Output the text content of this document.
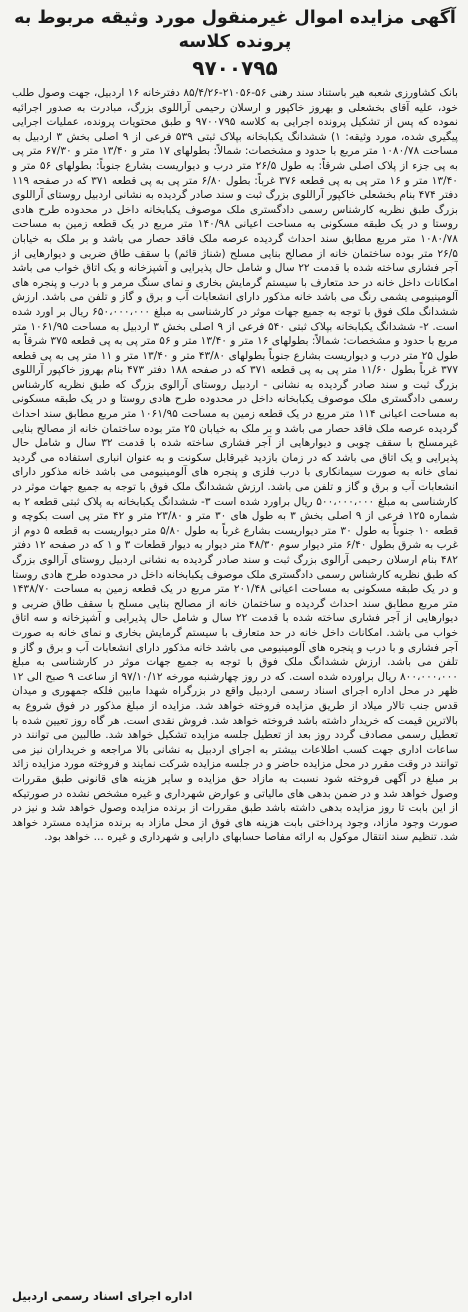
آگهی مزایده اموال غیرمنقول مورد وثیقه مربوط به پرونده کلاسه
۹۷۰۰۷۹۵

بانک کشاورزی شعبه هیر باستناد سند رهنی ۵۶-۲۱۰۵۶-۸۵/۴/۲۶ دفترخانه ۱۶ اردبیل، جهت وصول طلب خود، علیه آقای بخشعلی و بهروز خاکپور و ارسلان رحیمی آراللوی بزرگ، مبادرت به صدور اجرائیه نموده که پس از تشکیل پرونده اجرایی به کلاسه ۹۷۰۰۷۹۵ و طبق محتویات پرونده، عملیات اجرایی پیگیری شده، مورد وثیقه: ۱) ششدانگ یکبابخانه بپلاک ثبتی ۵۳۹ فرعی از ۹ اصلی بخش ۳ اردبیل به مساحت ۱۰۸۰/۷۸ متر مربع با حدود و مشخصات: شمالاً: بطولهای ۱۷ متر و ۱۳/۴۰ متر و ۶۷/۳۰ متر پی به پی جزء از پلاک اصلی شرقاً: به طول ۲۶/۵ متر درب و دیواریست بشارع جنوباً: بطولهای ۵۶ متر و ۱۳/۴۰ متر و ۱۶ متر پی به پی قطعه ۳۷۶ غرباً: بطول ۶/۸۰ متر پی به پی قطعه ۳۷۱ که در صفحه ۱۱۹ دفتر ۴۷۴ بنام بخشعلی خاکپور آراللوی بزرگ ثبت و سند صادر گردیده به نشانی اردبیل روستای آراللوی بزرگ طبق نظریه کارشناس رسمی دادگستری ملک موصوف یکبابخانه داخل در محدوده طرح هادی روستا و در یک طبقه مسکونی به مساحت اعیانی ۱۴۰/۹۸ متر مربع در یک قطعه زمین به مساحت ۱۰۸۰/۷۸ متر مربع مطابق سند احداث گردیده عرصه ملک فاقد حصار می باشد و بر ملک به خیابان ۲۶/۵ متر بوده ساختمان خانه از مصالح بنایی مسلح (شناژ قائم) با سقف طاق ضربی و دیوارهایی از آجر فشاری ساخته شده با قدمت ۲۲ سال و شامل حال پذیرایی و آشپزخانه و یک اتاق خواب می باشد امکانات داخل خانه در حد متعارف با سیستم گرمایش بخاری و نمای سنگ مرمر و با درب و پنجره های آلومینیومی یشمی رنگ می باشد خانه مذکور دارای انشعابات آب و برق و گاز و تلفن می باشد. ارزش ششدانگ ملک فوق با توجه به جمیع جهات موثر در کارشناسی به مبلغ ۶۵۰،۰۰۰،۰۰۰ ریال بر اورد شده است. ۲- ششدانگ یکبابخانه بپلاک ثبتی ۵۴۰ فرعی از ۹ اصلی بخش ۳ اردبیل به مساحت ۱۰۶۱/۹۵ متر مربع با حدود و مشخصات: شمالاً: بطولهای ۱۶ متر و ۱۳/۴۰ متر و ۵۶ متر پی به پی قطعه ۳۷۵ شرقاً به طول ۲۵ متر درب و دیواریست بشارع جنوباً بطولهای ۴۳/۸۰ متر و ۱۳/۴۰ متر و ۱۱ متر پی به پی قطعه ۳۷۷ غرباً بطول ۱۱/۶۰ متر پی به پی قطعه ۳۷۱ که در صفحه ۱۸۸ دفتر ۴۷۳ بنام بهروز خاکپور آراللوی بزرگ ثبت و سند صادر گردیده به نشانی - اردبیل روستای آرالوی بزرگ که طبق نظریه کارشناس رسمی دادگستری ملک موصوف یکبابخانه داخل در محدوده طرح هادی روستا و در یک طبقه مسکونی به مساحت اعیانی ۱۱۴ متر مربع در یک قطعه زمین به مساحت ۱۰۶۱/۹۵ متر مربع مطابق سند احداث گردیده عرصه ملک فاقد حصار می باشد و بر ملک به خیابان ۲۵ متر بوده ساختمان خانه از مصالح بنایی غیرمسلح با سقف چوبی و دیوارهایی از آجر فشاری ساخته شده با قدمت ۳۲ سال و شامل حال پذیرایی و یک اتاق می باشد که در زمان بازدید غیرقابل سکونت و به عنوان انباری استفاده می گردید نمای خانه به صورت سیمانکاری با درب فلزی و پنجره های آلومینیومی می باشد خانه مذکور دارای انشعابات آب و برق و گاز و تلفن می باشد. ارزش ششدانگ ملک فوق با توجه به جمیع جهات موثر در کارشناسی به مبلغ ۵۰۰،۰۰۰،۰۰۰ ریال براورد شده است ۳- ششدانگ یکبابخانه به پلاک ثبتی قطعه ۲ به شماره ۱۲۵ فرعی از ۹ اصلی بخش ۳ به طول های ۳۰ متر و ۲۳/۸۰ متر و ۴۲ متر پی است بکوچه و قطعه ۱۰ جنوباً به طول ۳۰ متر دیواریست بشارع غرباً به طول ۵/۸۰ متر دیواریست به قطعه ۵ دوم از غرب به شرق بطول ۶/۴۰ متر دیوار سوم ۴۸/۳۰ متر دیوار به دیوار قطعات ۳ و ۱ که در صفحه ۱۲ دفتر ۴۸۲ بنام ارسلان رحیمی آرالوی بزرگ ثبت و سند صادر گردیده به نشانی اردبیل روستای آرالوی بزرگ که طبق نظریه کارشناس رسمی دادگستری ملک موصوف یکبابخانه داخل در محدوده طرح هادی روستا و در یک طبقه مسکونی به مساحت اعیانی ۲۰۱/۴۸ متر مربع در یک قطعه زمین به مساحت ۱۴۳۸/۷۰ متر مربع مطابق سند احداث گردیده و ساختمان خانه از مصالح بنایی مسلح با سقف طاق ضربی و دیوارهایی از آجر فشاری ساخته شده با قدمت ۲۲ سال و شامل حال پذیرایی و آشپزخانه و سه اتاق خواب می باشد. امکانات داخل خانه در حد متعارف با سیستم گرمایش بخاری و نمای خانه به صورت آجر فشاری و با درب و پنجره های آلومینیومی می باشد خانه مذکور دارای انشعابات آب و برق و گاز و تلفن می باشد. ارزش ششدانگ ملک فوق با توجه به جمیع جهات موثر در کارشناسی به مبلغ ۸۰۰،۰۰۰،۰۰۰ ریال براورده شده است. که در روز چهارشنبه مورخه ۹۷/۱۰/۱۲ از ساعت ۹ صبح الی ۱۲ ظهر در محل اداره اجرای اسناد رسمی اردبیل واقع در بزرگراه شهدا مابین فلکه جمهوری و میدان قدس جنب تالار میلاد از طریق مزایده فروخته خواهد شد. مزایده از مبلغ مذکور در فوق شروع به بالاترین قیمت که خریدار داشته باشد فروخته خواهد شد. فروش نقدی است. هر گاه روز تعیین شده با تعطیل رسمی مصادف گردد روز بعد از تعطیل جلسه مزایده تشکیل خواهد شد. طالبین می توانند در ساعات اداری جهت کسب اطلاعات بیشتر به اجرای اردبیل به نشانی بالا مراجعه و خریداران نیز می توانند در وقت مقرر در محل مزایده حاضر و در جلسه مزایده شرکت نمایند و فروخته مورد مزایده زائد بر مبلغ در آگهی فروخته شود نسبت به مازاد حق مزایده و سایر هزینه های قانونی طبق مقررات وصول خواهد شد و در ضمن بدهی های مالیاتی و عوارض شهرداری و غیره مشخص نشده در صورتیکه از این بابت تا روز مزایده بدهی داشته باشد طبق مقررات از برنده مزایده وصول خواهد شد و نیز در صورت وجود مازاد، وجود پرداختی بابت هزینه های فوق از محل مازاد به برنده مزایده مسترد خواهد شد. تنظیم سند انتقال موکول به ارائه مفاصا حسابهای دارایی و شهرداری و غیره ... خواهد بود.

اداره اجرای اسناد رسمی اردبیل
